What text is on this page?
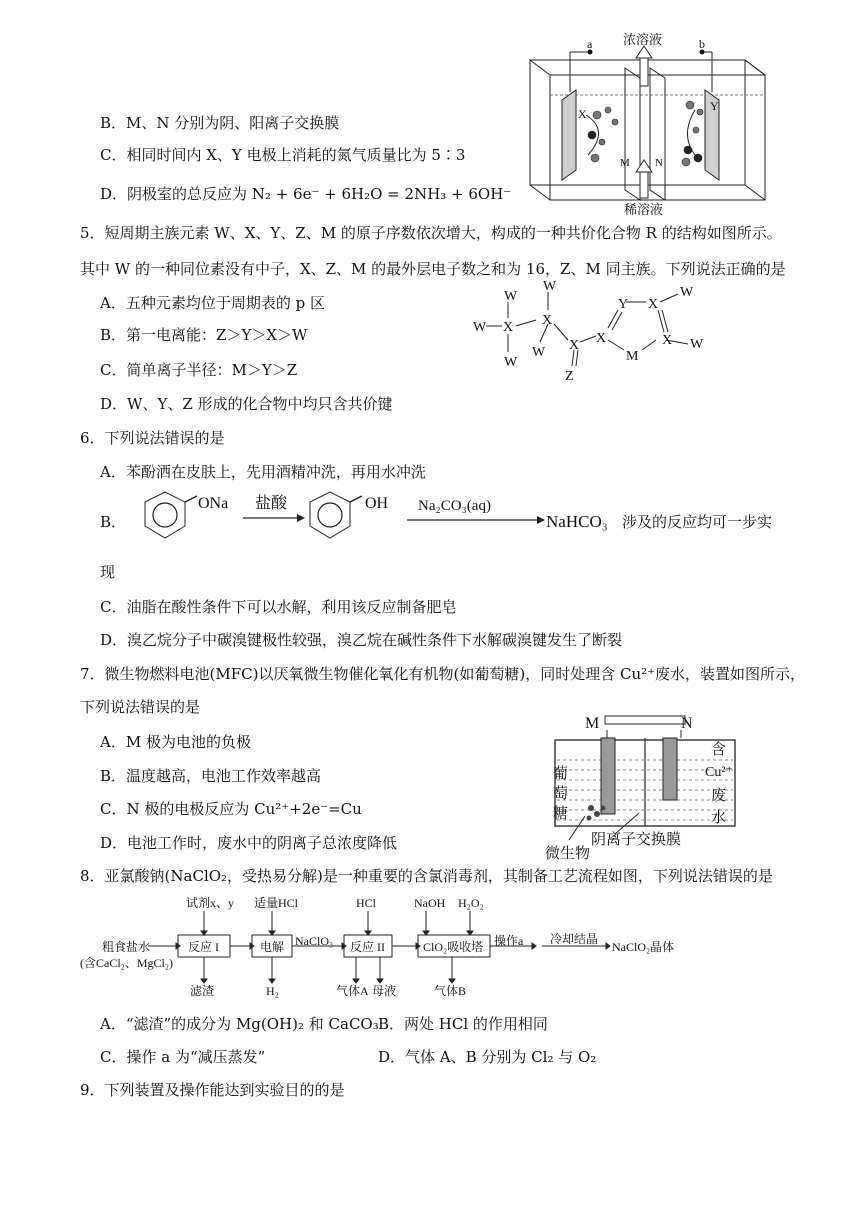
B．M、N 分别为阴、阳离子交换膜
C．相同时间内 X、Y 电极上消耗的氮气质量比为 5∶3
D．阴极室的总反应为 N₂ + 6e⁻ + 6H₂O = 2NH₃ + 6OH⁻
X
Y
a	b
浓溶液
稀溶液
M N
5．短周期主族元素 W、X、Y、Z、M 的原子序数依次增大，构成的一种共价化合物 R 的结构如图所示。
其中 W 的一种同位素没有中子，X、Z、M 的最外层电子数之和为 16，Z、M 同主族。下列说法正确的是
A．五种元素均位于周期表的 p 区
B．第一电离能：Z＞Y＞X＞W
C．简单离子半径：M＞Y＞Z
D．W、Y、Z 形成的化合物中均只含共价键
W
W X
W
W
X
W X
Z
X
Y X
W
X W
M
6．下列说法错误的是
A．苯酚洒在皮肤上，先用酒精冲洗，再用水冲洗
B．
ONa 盐酸	OH Na₂CO₃(aq)
NaHCO₃ 涉及的反应均可一步实
现
C．油脂在酸性条件下可以水解，利用该反应制备肥皂
D．溴乙烷分子中碳溴键极性较强，溴乙烷在碱性条件下水解碳溴键发生了断裂
7．微生物燃料电池(MFC)以厌氧微生物催化氧化有机物(如葡萄糖)，同时处理含 Cu²⁺废水，装置如图所示，
下列说法错误的是
A．M 极为电池的负极
B．温度越高，电池工作效率越高
C．N 极的电极反应为 Cu²⁺+2e⁻=Cu
D．电池工作时，废水中的阴离子总浓度降低
M	N
葡
萄
糖
含
Cu²⁺
废
水
阴离子交换膜
微生物
8．亚氯酸钠(NaClO₂，受热易分解)是一种重要的含氯消毒剂，其制备工艺流程如图，下列说法错误的是
粗食盐水
(含CaCl₂、MgCl₂)
试剂x、y 适量HCl	HCl	NaOH H₂O₂
NaClO₃	操作a 冷却结晶
NaClO₂晶体
滤渣	H₂	气体A 母液	气体B
反应 I	电解	反应 II	ClO₂吸收塔
A．“滤渣”的成分为 Mg(OH)₂ 和 CaCO₃ B．两处 HCl 的作用相同
C．操作 a 为“减压蒸发”	D．气体 A、B 分别为 Cl₂ 与 O₂
9．下列装置及操作能达到实验目的的是
